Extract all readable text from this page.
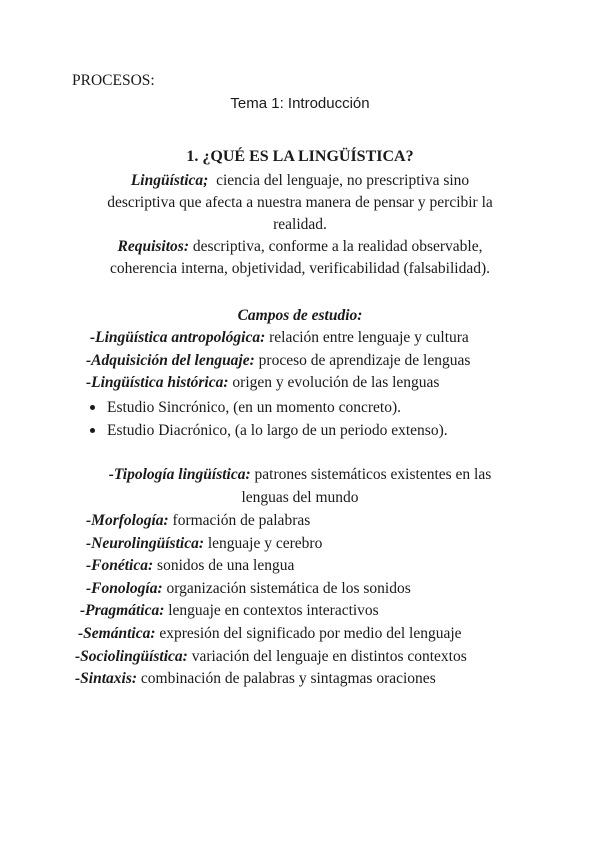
PROCESOS:
Tema 1: Introducción
1. ¿QUÉ ES LA LINGÜÍSTICA?
Lingüística; ciencia del lenguaje, no prescriptiva sino
descriptiva que afecta a nuestra manera de pensar y percibir la
realidad.
Requisitos: descriptiva, conforme a la realidad observable,
coherencia interna, objetividad, verificabilidad (falsabilidad).
Campos de estudio:
-Lingüística antropológica: relación entre lenguaje y cultura
-Adquisición del lenguaje: proceso de aprendizaje de lenguas
-Lingüística histórica: origen y evolución de las lenguas
Estudio Sincrónico, (en un momento concreto).
Estudio Diacrónico, (a lo largo de un periodo extenso).
-Tipología lingüística: patrones sistemáticos existentes en las
lenguas del mundo
-Morfología: formación de palabras
-Neurolingüística: lenguaje y cerebro
-Fonética: sonidos de una lengua
-Fonología: organización sistemática de los sonidos
-Pragmática: lenguaje en contextos interactivos
-Semántica: expresión del significado por medio del lenguaje
-Sociolingüística: variación del lenguaje en distintos contextos
-Sintaxis: combinación de palabras y sintagmas oraciones
